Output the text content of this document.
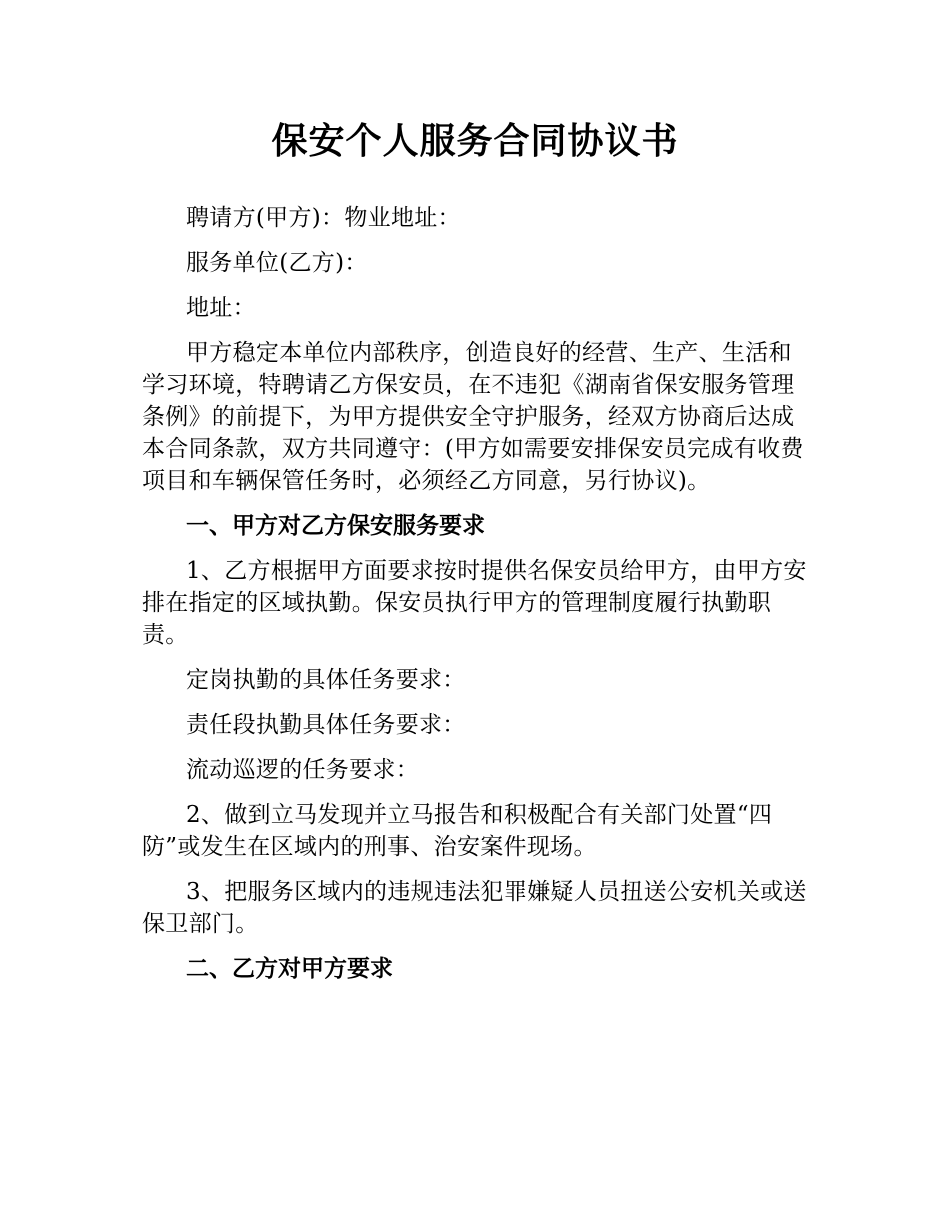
保安个人服务合同协议书

聘请方(甲方)：物业地址：

服务单位(乙方)：

地址：

甲方稳定本单位内部秩序，创造良好的经营、生产、生活和学习环境，特聘请乙方保安员，在不违犯《湖南省保安服务管理条例》的前提下，为甲方提供安全守护服务，经双方协商后达成本合同条款，双方共同遵守：(甲方如需要安排保安员完成有收费项目和车辆保管任务时，必须经乙方同意，另行协议)。

一、甲方对乙方保安服务要求

1、乙方根据甲方面要求按时提供名保安员给甲方，由甲方安排在指定的区域执勤。保安员执行甲方的管理制度履行执勤职责。

定岗执勤的具体任务要求：

责任段执勤具体任务要求：

流动巡逻的任务要求：

2、做到立马发现并立马报告和积极配合有关部门处置“四防”或发生在区域内的刑事、治安案件现场。

3、把服务区域内的违规违法犯罪嫌疑人员扭送公安机关或送保卫部门。

二、乙方对甲方要求
